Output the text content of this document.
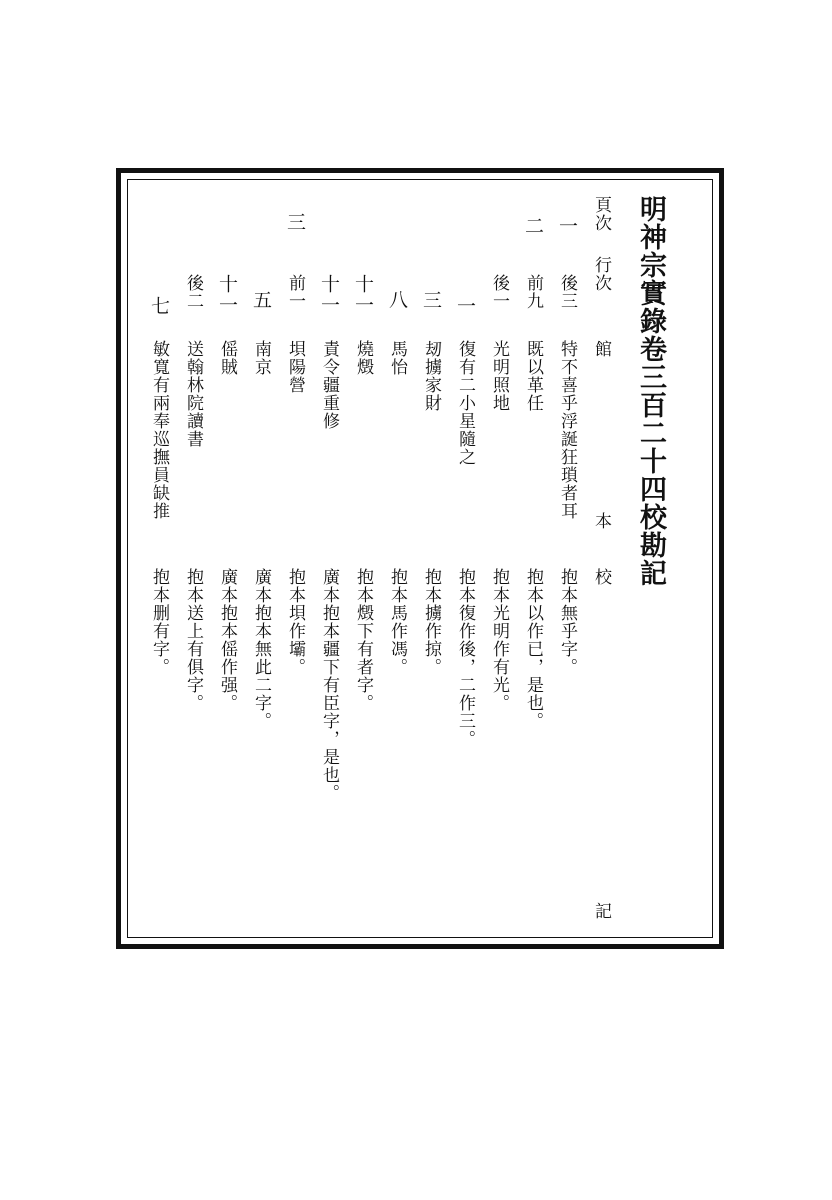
明神宗實錄卷三百二十四校勘記
頁次
行次
館
本
校
記
一
後三
特不喜乎浮誕狂瑣者耳
抱本無乎字。
二
前九
既以革任
抱本以作已，是也。
後一
光明照地
抱本光明作有光。
一
復有二小星隨之
抱本復作後，二作三。
三
刼擄家財
抱本擄作掠。
八
馬怡
抱本馬作馮。
十一
燒燬
抱本燬下有者字。
十一
責令疆重修
廣本抱本疆下有臣字，是也。
三
前一
垻陽營
抱本垻作壩。
五
南京
廣本抱本無此二字。
十一
傜賊
廣本抱本傜作强。
後二
送翰林院讀書
抱本送上有俱字。
七
敏寬有兩奉巡撫員缺推
抱本删有字。
